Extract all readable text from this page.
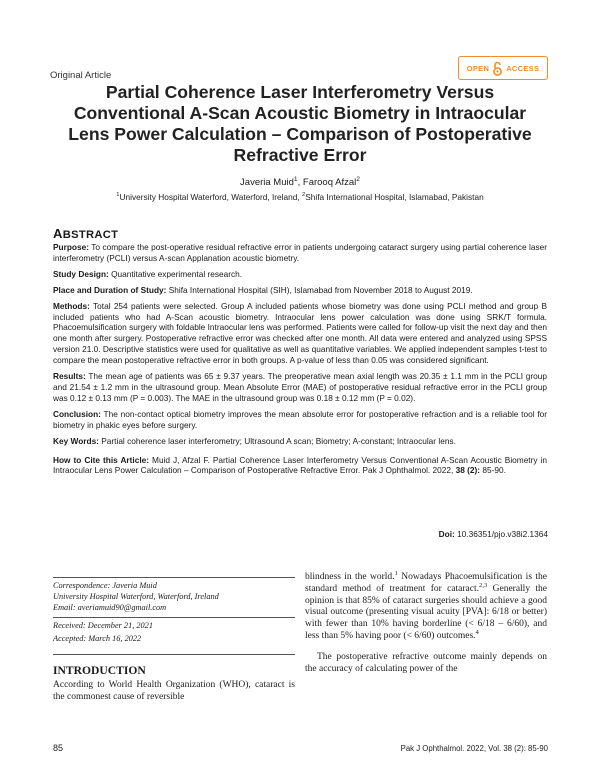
Original Article
OPEN ACCESS
Partial Coherence Laser Interferometry Versus Conventional A-Scan Acoustic Biometry in Intraocular Lens Power Calculation – Comparison of Postoperative Refractive Error
Javeria Muid$^1$, Farooq Afzal$^2$
$^1$University Hospital Waterford, Waterford, Ireland, $^2$Shifa International Hospital, Islamabad, Pakistan
ABSTRACT

Purpose: To compare the post-operative residual refractive error in patients undergoing cataract surgery using partial coherence laser interferometry (PCLI) versus A-scan Applanation acoustic biometry.

Study Design: Quantitative experimental research.

Place and Duration of Study: Shifa International Hospital (SIH), Islamabad from November 2018 to August 2019.

Methods: Total 254 patients were selected. Group A included patients whose biometry was done using PCLI method and group B included patients who had A-Scan acoustic biometry. Intraocular lens power calculation was done using SRK/T formula. Phacoemulsification surgery with foldable Intraocular lens was performed. Patients were called for follow-up visit the next day and then one month after surgery. Postoperative refractive error was checked after one month. All data were entered and analyzed using SPSS version 21.0. Descriptive statistics were used for qualitative as well as quantitative variables. We applied independent samples t-test to compare the mean postoperative refractive error in both groups. A p-value of less than 0.05 was considered significant.

Results: The mean age of patients was 65 ± 9.37 years. The preoperative mean axial length was 20.35 ± 1.1 mm in the PCLI group and 21.54 ± 1.2 mm in the ultrasound group. Mean Absolute Error (MAE) of postoperative residual refractive error in the PCLI group was 0.12 ± 0.13 mm (P = 0.003). The MAE in the ultrasound group was 0.18 ± 0.12 mm (P = 0.02).

Conclusion: The non-contact optical biometry improves the mean absolute error for postoperative refraction and is a reliable tool for biometry in phakic eyes before surgery.

Key Words: Partial coherence laser interferometry; Ultrasound A scan; Biometry; A-constant; Intraocular lens.

How to Cite this Article: Muid J, Afzal F. Partial Coherence Laser Interferometry Versus Conventional A-Scan Acoustic Biometry in Intraocular Lens Power Calculation – Comparison of Postoperative Refractive Error. Pak J Ophthalmol. 2022, 38 (2): 85-90.

Doi: 10.36351/pjo.v38i2.1364
Correspondence: Javeria Muid
University Hospital Waterford, Waterford, Ireland
Email: averiamuid90@gmail.com
Received: December 21, 2021
Accepted: March 16, 2022
INTRODUCTION
According to World Health Organization (WHO), cataract is the commonest cause of reversible

blindness in the world.$^1$ Nowadays Phacoemulsification is the standard method of treatment for cataract.$^{2,3}$ Generally the opinion is that 85% of cataract surgeries should achieve a good visual outcome (presenting visual acuity [PVA]: 6/18 or better) with fewer than 10% having borderline (< 6/18 – 6/60), and less than 5% having poor (< 6/60) outcomes.$^4$

The postoperative refractive outcome mainly depends on the accuracy of calculating power of the

85	Pak J Ophthalmol. 2022, Vol. 38 (2): 85-90
